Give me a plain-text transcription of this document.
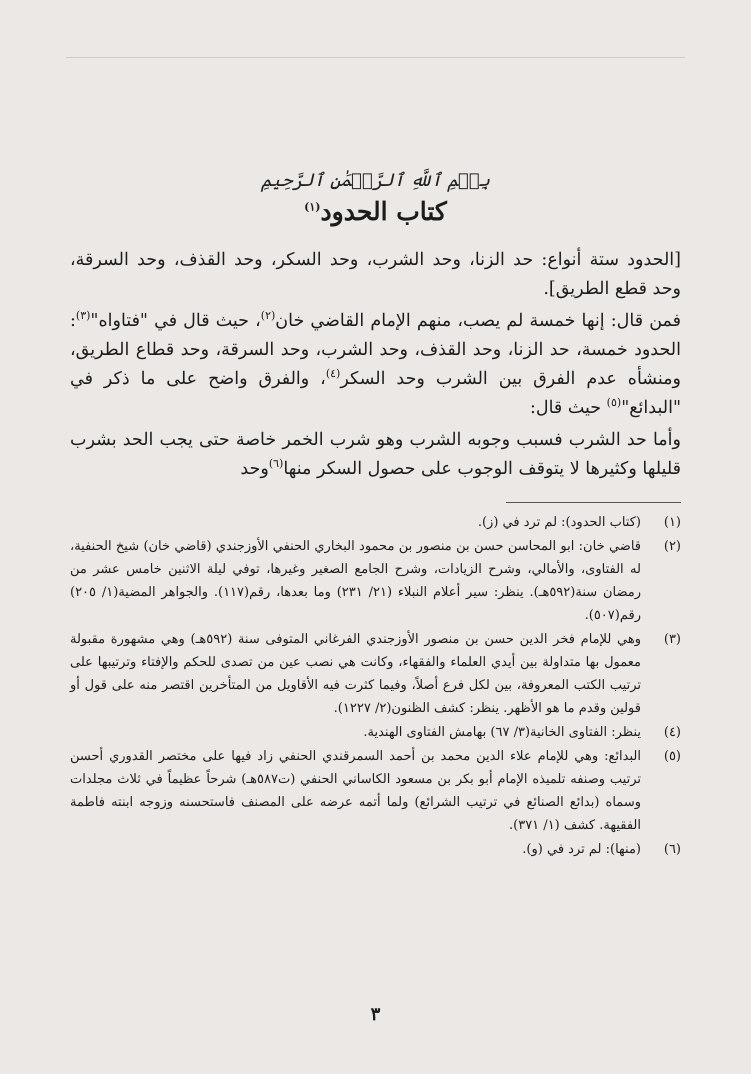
بِسۡمِ ٱللَّهِ ٱلرَّحۡمَٰنِ ٱلرَّحِيمِ
كتاب الحدود$^{(١)}$

[الحدود ستة أنواع: حد الزنا، وحد الشرب، وحد السكر، وحد القذف، وحد السرقة، وحد قطع الطريق].

فمن قال: إنها خمسة لم يصب، منهم الإمام القاضي خان$^{(٢)}$، حيث قال في "فتاواه"$^{(٣)}$: الحدود خمسة، حد الزنا، وحد القذف، وحد الشرب، وحد السرقة، وحد قطاع الطريق، ومنشأه عدم الفرق بين الشرب وحد السكر$^{(٤)}$، والفرق واضح على ما ذكر في "البدائع"$^{(٥)}$ حيث قال:

وأما حد الشرب فسبب وجوبه الشرب وهو شرب الخمر خاصة حتى يجب الحد بشرب قليلها وكثيرها لا يتوقف الوجوب على حصول السكر منها$^{(٦)}$وحد

(١)
(كتاب الحدود): لم ترد في (ز).
(٢)
قاضي خان: ابو المحاسن حسن بن منصور بن محمود البخاري الحنفي الأوزجندي (قاضي خان) شيخ الحنفية، له الفتاوى، والأمالي، وشرح الزيادات، وشرح الجامع الصغير وغيرها، توفي ليلة الاثنين خامس عشر من رمضان سنة(٥٩٢هـ). ينظر: سير أعلام النبلاء (٢١/ ٢٣١) وما بعدها، رقم(١١٧). والجواهر المضية(١/ ٢٠٥) رقم(٥٠٧).
(٣)
وهي للإمام فخر الدين حسن بن منصور الأوزجندي الفرغاني المتوفى سنة (٥٩٢هـ) وهي مشهورة مقبولة معمول بها متداولة بين أيدي العلماء والفقهاء، وكانت هي نصب عين من تصدى للحكم والإفتاء وترتيبها على ترتيب الكتب المعروفة، بين لكل فرع أصلاً، وفيما كثرت فيه الأقاويل من المتأخرين اقتصر منه على قول أو قولين وقدم ما هو الأظهر. ينظر: كشف الظنون(٢/ ١٢٢٧).
(٤)
ينظر: الفتاوى الخانية(٣/ ٦٧) بهامش الفتاوى الهندية.
(٥)
البدائع: وهي للإمام علاء الدين محمد بن أحمد السمرقندي الحنفي زاد فيها على مختصر القدوري أحسن ترتيب وصنفه تلميذه الإمام أبو بكر بن مسعود الكاساني الحنفي (ت٥٨٧هـ) شرحاً عظيماً في ثلاث مجلدات وسماه (بدائع الصنائع في ترتيب الشرائع) ولما أتمه عرضه على المصنف فاستحسنه وزوجه ابنته فاطمة الفقيهة. كشف (١/ ٣٧١).
(٦)
(منها): لم ترد في (و).
٣
